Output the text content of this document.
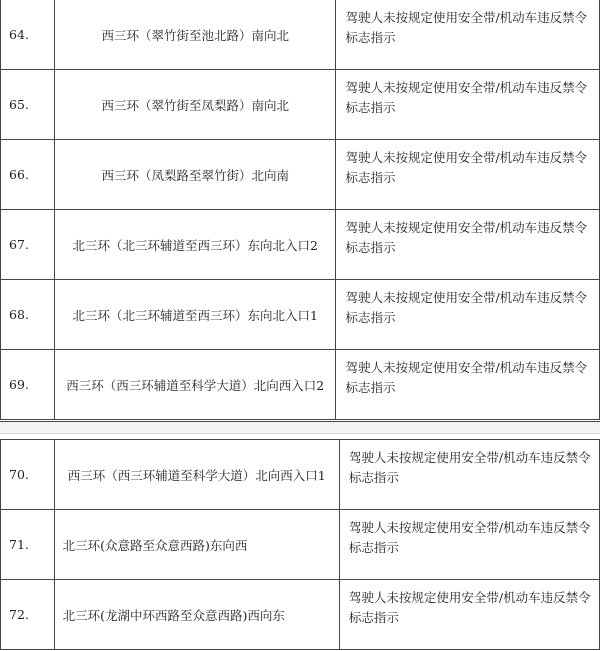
64.	西三环（翠竹街至池北路）南向北	驾驶人未按规定使用安全带/机动车违反禁令标志指示
65.	西三环（翠竹街至凤梨路）南向北	驾驶人未按规定使用安全带/机动车违反禁令标志指示
66.	西三环（凤梨路至翠竹街）北向南	驾驶人未按规定使用安全带/机动车违反禁令标志指示
67.	北三环（北三环辅道至西三环）东向北入口2	驾驶人未按规定使用安全带/机动车违反禁令标志指示
68.	北三环（北三环辅道至西三环）东向北入口1	驾驶人未按规定使用安全带/机动车违反禁令标志指示
69.	西三环（西三环辅道至科学大道）北向西入口2	驾驶人未按规定使用安全带/机动车违反禁令标志指示
70.	西三环（西三环辅道至科学大道）北向西入口1	驾驶人未按规定使用安全带/机动车违反禁令标志指示
71.	北三环(众意路至众意西路)东向西	驾驶人未按规定使用安全带/机动车违反禁令标志指示
72.	北三环(龙湖中环西路至众意西路)西向东	驾驶人未按规定使用安全带/机动车违反禁令标志指示
